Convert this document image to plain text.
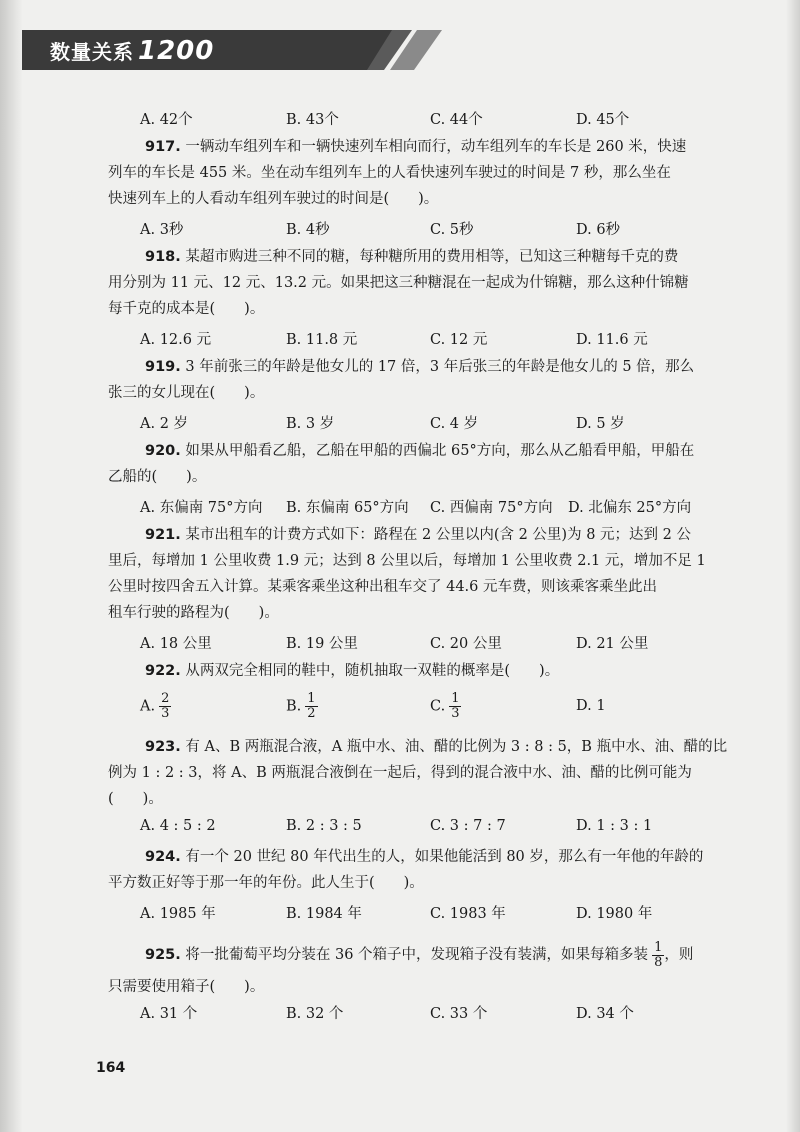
数量关系 1200
A. 42个	B. 43个	C. 44个	D. 45个
917. 一辆动车组列车和一辆快速列车相向而行，动车组列车的车长是 260 米，快速
列车的车长是 455 米。坐在动车组列车上的人看快速列车驶过的时间是 7 秒，那么坐在
快速列车上的人看动车组列车驶过的时间是(　　)。
A. 3秒	B. 4秒	C. 5秒	D. 6秒
918. 某超市购进三种不同的糖，每种糖所用的费用相等，已知这三种糖每千克的费
用分别为 11 元、12 元、13.2 元。如果把这三种糖混在一起成为什锦糖，那么这种什锦糖
每千克的成本是(　　)。
A. 12.6 元	B. 11.8 元	C. 12 元	D. 11.6 元
919. 3 年前张三的年龄是他女儿的 17 倍，3 年后张三的年龄是他女儿的 5 倍，那么
张三的女儿现在(　　)。
A. 2 岁	B. 3 岁	C. 4 岁	D. 5 岁
920. 如果从甲船看乙船，乙船在甲船的西偏北 65°方向，那么从乙船看甲船，甲船在
乙船的(　　)。
A. 东偏南 75°方向 B. 东偏南 65°方向 C. 西偏南 75°方向 D. 北偏东 25°方向
921. 某市出租车的计费方式如下：路程在 2 公里以内(含 2 公里)为 8 元；达到 2 公
里后，每增加 1 公里收费 1.9 元；达到 8 公里以后，每增加 1 公里收费 2.1 元，增加不足 1
公里时按四舍五入计算。某乘客乘坐这种出租车交了 44.6 元车费，则该乘客乘坐此出
租车行驶的路程为(　　)。
A. 18 公里	B. 19 公里	C. 20 公里	D. 21 公里
922. 从两双完全相同的鞋中，随机抽取一双鞋的概率是(　　)。
A. $\frac{2}{3}$	B. $\frac{1}{2}$	C. $\frac{1}{3}$	D. 1
923. 有 A、B 两瓶混合液，A 瓶中水、油、醋的比例为 3 : 8 : 5，B 瓶中水、油、醋的比
例为 1 : 2 : 3，将 A、B 两瓶混合液倒在一起后，得到的混合液中水、油、醋的比例可能为
(　　)。
A. 4 : 5 : 2	B. 2 : 3 : 5	C. 3 : 7 : 7	D. 1 : 3 : 1
924. 有一个 20 世纪 80 年代出生的人，如果他能活到 80 岁，那么有一年他的年龄的
平方数正好等于那一年的年份。此人生于(　　)。
A. 1985 年	B. 1984 年	C. 1983 年	D. 1980 年
925. 将一批葡萄平均分装在 36 个箱子中，发现箱子没有装满，如果每箱多装 $\frac{1}{8}$ ，则
只需要使用箱子(　　)。
A. 31 个	B. 32 个	C. 33 个	D. 34 个
164
